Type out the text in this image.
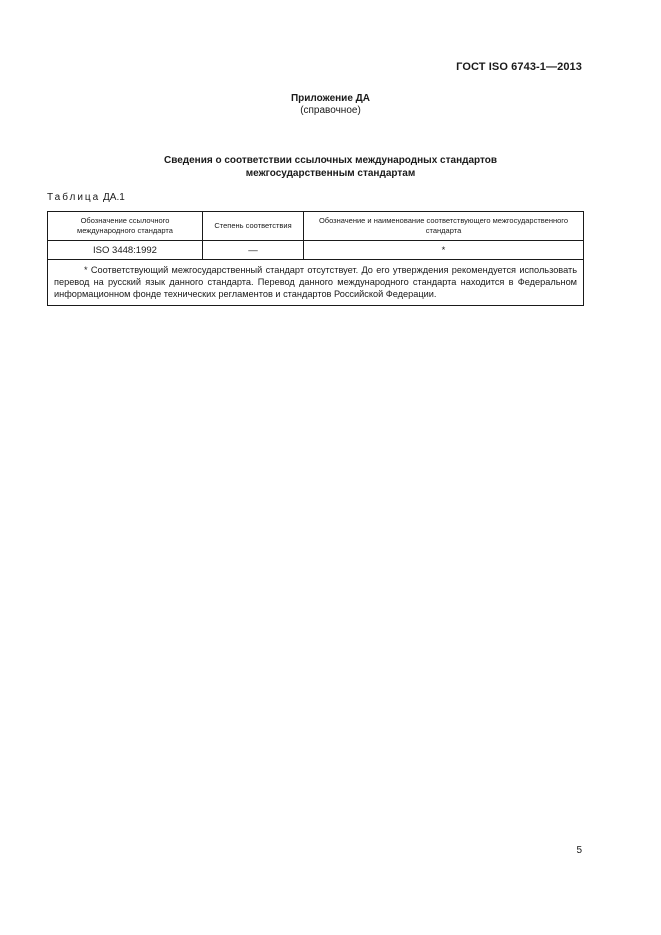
ГОСТ ISO 6743-1—2013
Приложение ДА
(справочное)
Сведения о соответствии ссылочных международных стандартов
межгосударственным стандартам
Таблица ДА.1
Обозначение ссылочного международного стандарта	Степень соответствия	Обозначение и наименование соответствующего межгосударственного стандарта
ISO 3448:1992	—	*
* Соответствующий межгосударственный стандарт отсутствует. До его утверждения рекомендуется использовать перевод на русский язык данного стандарта. Перевод данного международного стандарта находится в Федеральном информационном фонде технических регламентов и стандартов Российской Федерации.		
5
